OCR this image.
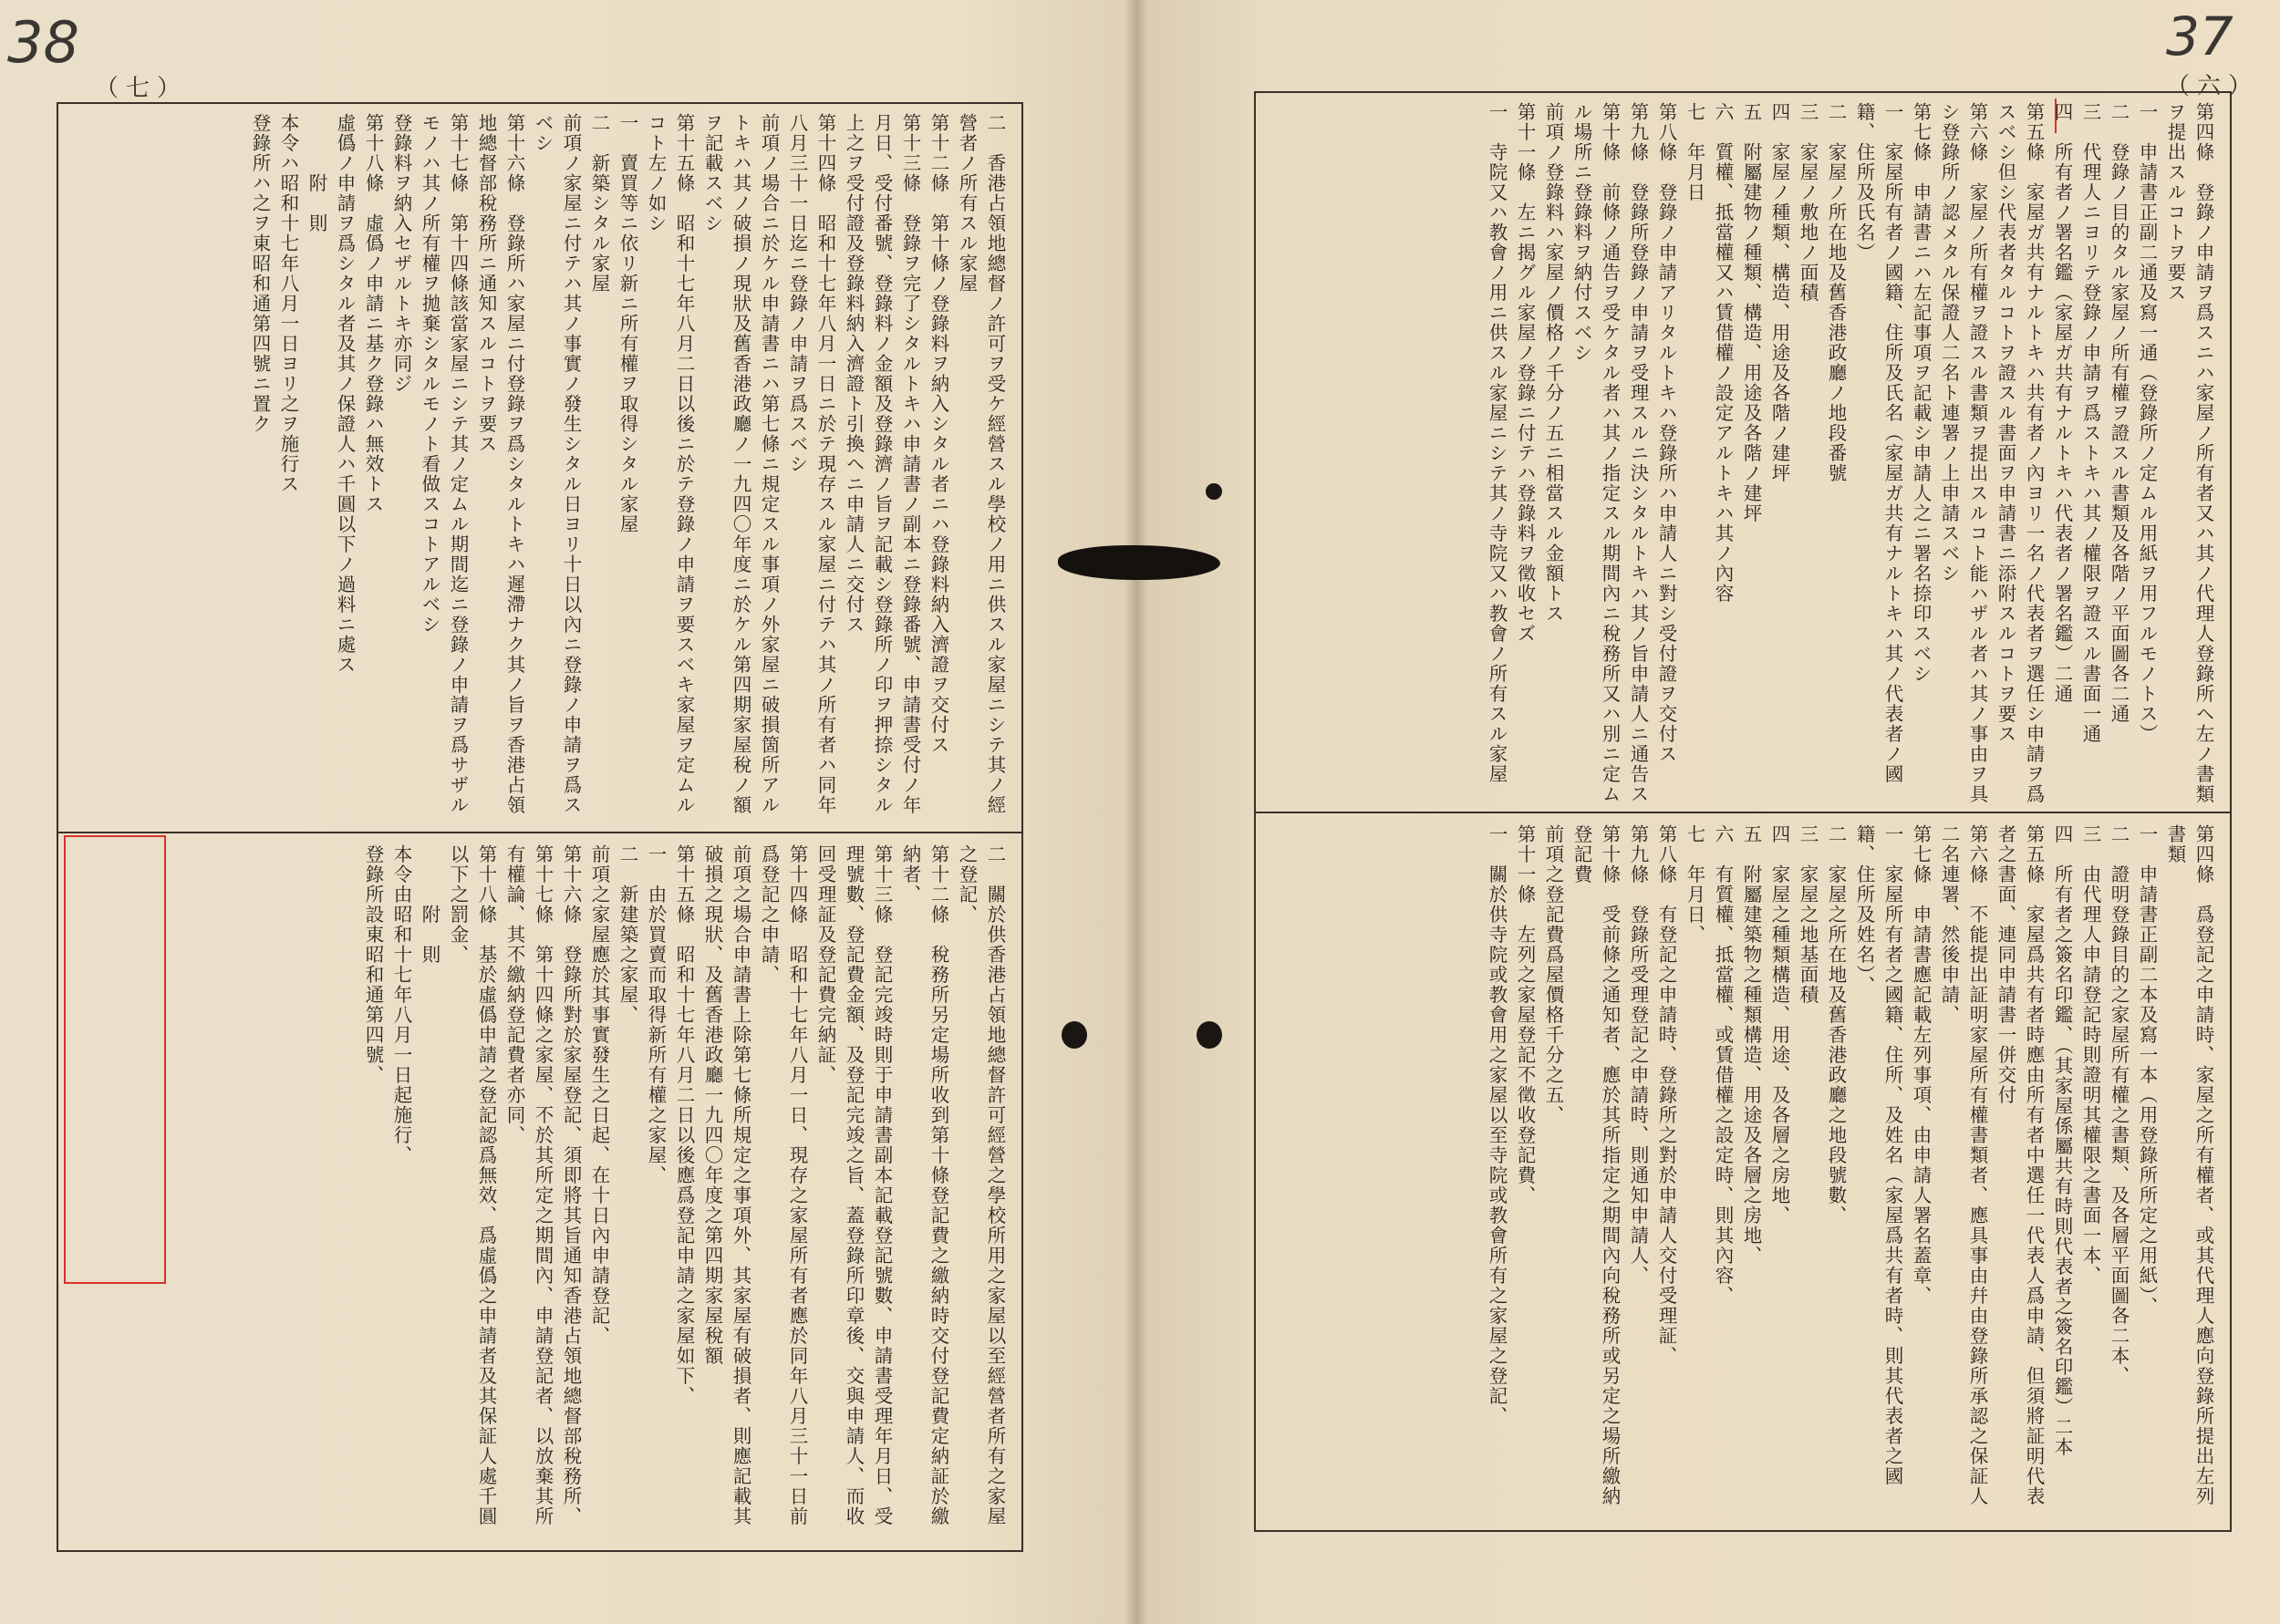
38
（七）
二　香港占領地總督ノ許可ヲ受ケ經營スル學校ノ用ニ供スル家屋ニシテ其ノ經營者ノ所有スル家屋
第十二條　第十條ノ登錄料ヲ納入シタル者ニハ登錄料納入濟證ヲ交付ス
第十三條　登錄ヲ完了シタルトキハ申請書ノ副本ニ登錄番號、申請書受付ノ年月日、受付番號、登錄料ノ金額及登錄濟ノ旨ヲ記載シ登錄所ノ印ヲ押捺シタル上之ヲ受付證及登錄料納入濟證ト引換ヘニ申請人ニ交付ス
第十四條　昭和十七年八月一日ニ於テ現存スル家屋ニ付テハ其ノ所有者ハ同年八月三十一日迄ニ登錄ノ申請ヲ爲スベシ
前項ノ場合ニ於ケル申請書ニハ第七條ニ規定スル事項ノ外家屋ニ破損箇所アルトキハ其ノ破損ノ現狀及舊香港政廳ノ一九四〇年度ニ於ケル第四期家屋稅ノ額ヲ記載スベシ
第十五條　昭和十七年八月二日以後ニ於テ登錄ノ申請ヲ要スベキ家屋ヲ定ムルコト左ノ如シ
一　賣買等ニ依リ新ニ所有權ヲ取得シタル家屋
二　新築シタル家屋
前項ノ家屋ニ付テハ其ノ事實ノ發生シタル日ヨリ十日以內ニ登錄ノ申請ヲ爲スベシ
第十六條　登錄所ハ家屋ニ付登錄ヲ爲シタルトキハ遲滯ナク其ノ旨ヲ香港占領地總督部稅務所ニ通知スルコトヲ要ス
第十七條　第十四條該當家屋ニシテ其ノ定ムル期間迄ニ登錄ノ申請ヲ爲サザルモノハ其ノ所有權ヲ拋棄シタルモノト看做スコトアルベシ
登錄料ヲ納入セザルトキ亦同ジ
第十八條　虛僞ノ申請ニ基ク登錄ハ無效トス
虛僞ノ申請ヲ爲シタル者及其ノ保證人ハ千圓以下ノ過料ニ處ス
　　　附　則
本令ハ昭和十七年八月一日ヨリ之ヲ施行ス
登錄所ハ之ヲ東昭和通第四號ニ置ク
二　關於供香港占領地總督許可經營之學校所用之家屋以至經營者所有之家屋之登記、
第十二條　稅務所另定場所收到第十條登記費之繳納時交付登記費定納証於繳納者、
第十三條　登記完竣時則于申請書副本記載登記號數、申請書受理年月日、受理號數、登記費金額、及登記完竣之旨、蓋登錄所印章後、交與申請人、而收回受理証及登記費完納証、
第十四條　昭和十七年八月一日、現存之家屋所有者應於同年八月三十一日前爲登記之申請、
前項之場合申請書上除第七條所規定之事項外、其家屋有破損者、則應記載其破損之現狀、及舊香港政廳一九四〇年度之第四期家屋稅額
第十五條　昭和十七年八月二日以後應爲登記申請之家屋如下、
一　由於買賣而取得新所有權之家屋、
二　新建築之家屋、
前項之家屋應於其事實發生之日起、在十日內申請登記、
第十六條　登錄所對於家屋登記、須即將其旨通知香港占領地總督部稅務所、
第十七條　第十四條之家屋、不於其所定之期間內、申請登記者、以放棄其所有權論、其不繳納登記費者亦同、
第十八條　基於虛僞申請之登記認爲無效、爲虛僞之申請者及其保証人處千圓以下之罰金、
　　　附　則
本令由昭和十七年八月一日起施行、
登錄所設東昭和通第四號、
37
（六）
第四條　登錄ノ申請ヲ爲スニハ家屋ノ所有者又ハ其ノ代理人登錄所ヘ左ノ書類ヲ提出スルコトヲ要ス
一　申請書正副二通及寫一通（登錄所ノ定ムル用紙ヲ用フルモノトス）
二　登錄ノ目的タル家屋ノ所有權ヲ證スル書類及各階ノ平面圖各二通
三　代理人ニヨリテ登錄ノ申請ヲ爲ストキハ其ノ權限ヲ證スル書面一通
四　所有者ノ署名鑑（家屋ガ共有ナルトキハ代表者ノ署名鑑）二通
第五條　家屋ガ共有ナルトキハ共有者ノ內ヨリ一名ノ代表者ヲ選任シ申請ヲ爲スベシ但シ代表者タルコトヲ證スル書面ヲ申請書ニ添附スルコトヲ要ス
第六條　家屋ノ所有權ヲ證スル書類ヲ提出スルコト能ハザル者ハ其ノ事由ヲ具シ登錄所ノ認メタル保證人二名ト連署ノ上申請スベシ
第七條　申請書ニハ左記事項ヲ記載シ申請人之ニ署名捺印スベシ
一　家屋所有者ノ國籍、住所及氏名（家屋ガ共有ナルトキハ其ノ代表者ノ國籍、住所及氏名）
二　家屋ノ所在地及舊香港政廳ノ地段番號
三　家屋ノ敷地ノ面積
四　家屋ノ種類、構造、用途及各階ノ建坪
五　附屬建物ノ種類、構造、用途及各階ノ建坪
六　質權、抵當權又ハ賃借權ノ設定アルトキハ其ノ內容
七　年月日
第八條　登錄ノ申請アリタルトキハ登錄所ハ申請人ニ對シ受付證ヲ交付ス
第九條　登錄所登錄ノ申請ヲ受理スルニ決シタルトキハ其ノ旨申請人ニ通告ス
第十條　前條ノ通告ヲ受ケタル者ハ其ノ指定スル期間內ニ稅務所又ハ別ニ定ムル場所ニ登錄料ヲ納付スベシ
前項ノ登錄料ハ家屋ノ價格ノ千分ノ五ニ相當スル金額トス
第十一條　左ニ揭グル家屋ノ登錄ニ付テハ登錄料ヲ徵收セズ
一　寺院又ハ教會ノ用ニ供スル家屋ニシテ其ノ寺院又ハ教會ノ所有スル家屋
第四條　爲登記之申請時、家屋之所有權者、或其代理人應向登錄所提出左列書類
一　申請書正副二本及寫一本（用登錄所所定之用紙）、
二　證明登錄目的之家屋所有權之書類、及各層平面圖各二本、
三　由代理人申請登記時則證明其權限之書面一本、
四　所有者之簽名印鑑、（其家屋係屬共有時則代表者之簽名印鑑）二本
第五條　家屋爲共有者時應由所有者中選任一代表人爲申請、但須將証明代表者之書面、連同申請書一併交付
第六條　不能提出証明家屋所有權書類者、應具事由幷由登錄所承認之保証人二名連署、然後申請、
第七條　申請書應記載左列事項、由申請人署名蓋章、
一　家屋所有者之國籍、住所、及姓名（家屋爲共有者時、則其代表者之國籍、住所及姓名）、
二　家屋之所在地及舊香港政廳之地段號數、
三　家屋之地基面積
四　家屋之種類構造、用途、及各層之房地、
五　附屬建築物之種類構造、用途及各層之房地、
六　有質權、抵當權、或賃借權之設定時、則其內容、
七　年月日、
第八條　有登記之申請時、登錄所之對於申請人交付受理証、
第九條　登錄所受理登記之申請時、則通知申請人、
第十條　受前條之通知者、應於其所指定之期間內向稅務所或另定之場所繳納登記費
前項之登記費爲屋價格千分之五、
第十一條　左列之家屋登記不徵收登記費、
一　關於供寺院或教會用之家屋以至寺院或教會所有之家屋之登記、
